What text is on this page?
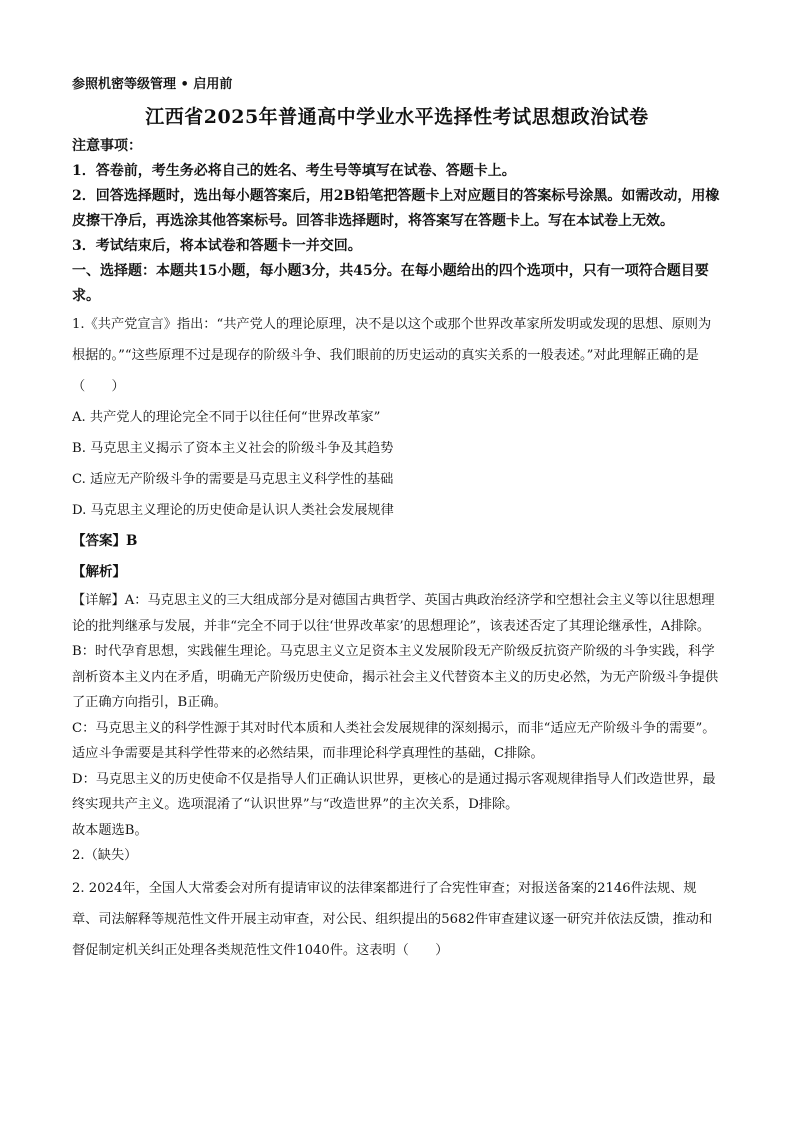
参照机密等级管理 • 启用前
江西省2025年普通高中学业水平选择性考试思想政治试卷
注意事项：
1．答卷前，考生务必将自己的姓名、考生号等填写在试卷、答题卡上。
2．回答选择题时，选出每小题答案后，用2B铅笔把答题卡上对应题目的答案标号涂黑。如需改动，用橡皮擦干净后，再选涂其他答案标号。回答非选择题时，将答案写在答题卡上。写在本试卷上无效。
3．考试结束后，将本试卷和答题卡一并交回。
一、选择题：本题共15小题，每小题3分，共45分。在每小题给出的四个选项中，只有一项符合题目要求。
1.《共产党宣言》指出：“共产党人的理论原理，决不是以这个或那个世界改革家所发明或发现的思想、原则为根据的。”“这些原理不过是现存的阶级斗争、我们眼前的历史运动的真实关系的一般表述。”对此理解正确的是（　　）
A. 共产党人的理论完全不同于以往任何“世界改革家”
B. 马克思主义揭示了资本主义社会的阶级斗争及其趋势
C. 适应无产阶级斗争的需要是马克思主义科学性的基础
D. 马克思主义理论的历史使命是认识人类社会发展规律
【答案】B
【解析】
【详解】A：马克思主义的三大组成部分是对德国古典哲学、英国古典政治经济学和空想社会主义等以往思想理论的批判继承与发展，并非“完全不同于以往‘世界改革家’的思想理论”，该表述否定了其理论继承性，A排除。
B：时代孕育思想，实践催生理论。马克思主义立足资本主义发展阶段无产阶级反抗资产阶级的斗争实践，科学剖析资本主义内在矛盾，明确无产阶级历史使命，揭示社会主义代替资本主义的历史必然，为无产阶级斗争提供了正确方向指引，B正确。
C：马克思主义的科学性源于其对时代本质和人类社会发展规律的深刻揭示，而非“适应无产阶级斗争的需要”。适应斗争需要是其科学性带来的必然结果，而非理论科学真理性的基础，C排除。
D：马克思主义的历史使命不仅是指导人们正确认识世界，更核心的是通过揭示客观规律指导人们改造世界，最终实现共产主义。选项混淆了“认识世界”与“改造世界”的主次关系，D排除。
故本题选B。
2.（缺失）
2. 2024年，全国人大常委会对所有提请审议的法律案都进行了合宪性审查；对报送备案的2146件法规、规章、司法解释等规范性文件开展主动审查，对公民、组织提出的5682件审查建议逐一研究并依法反馈，推动和督促制定机关纠正处理各类规范性文件1040件。这表明（　　）
